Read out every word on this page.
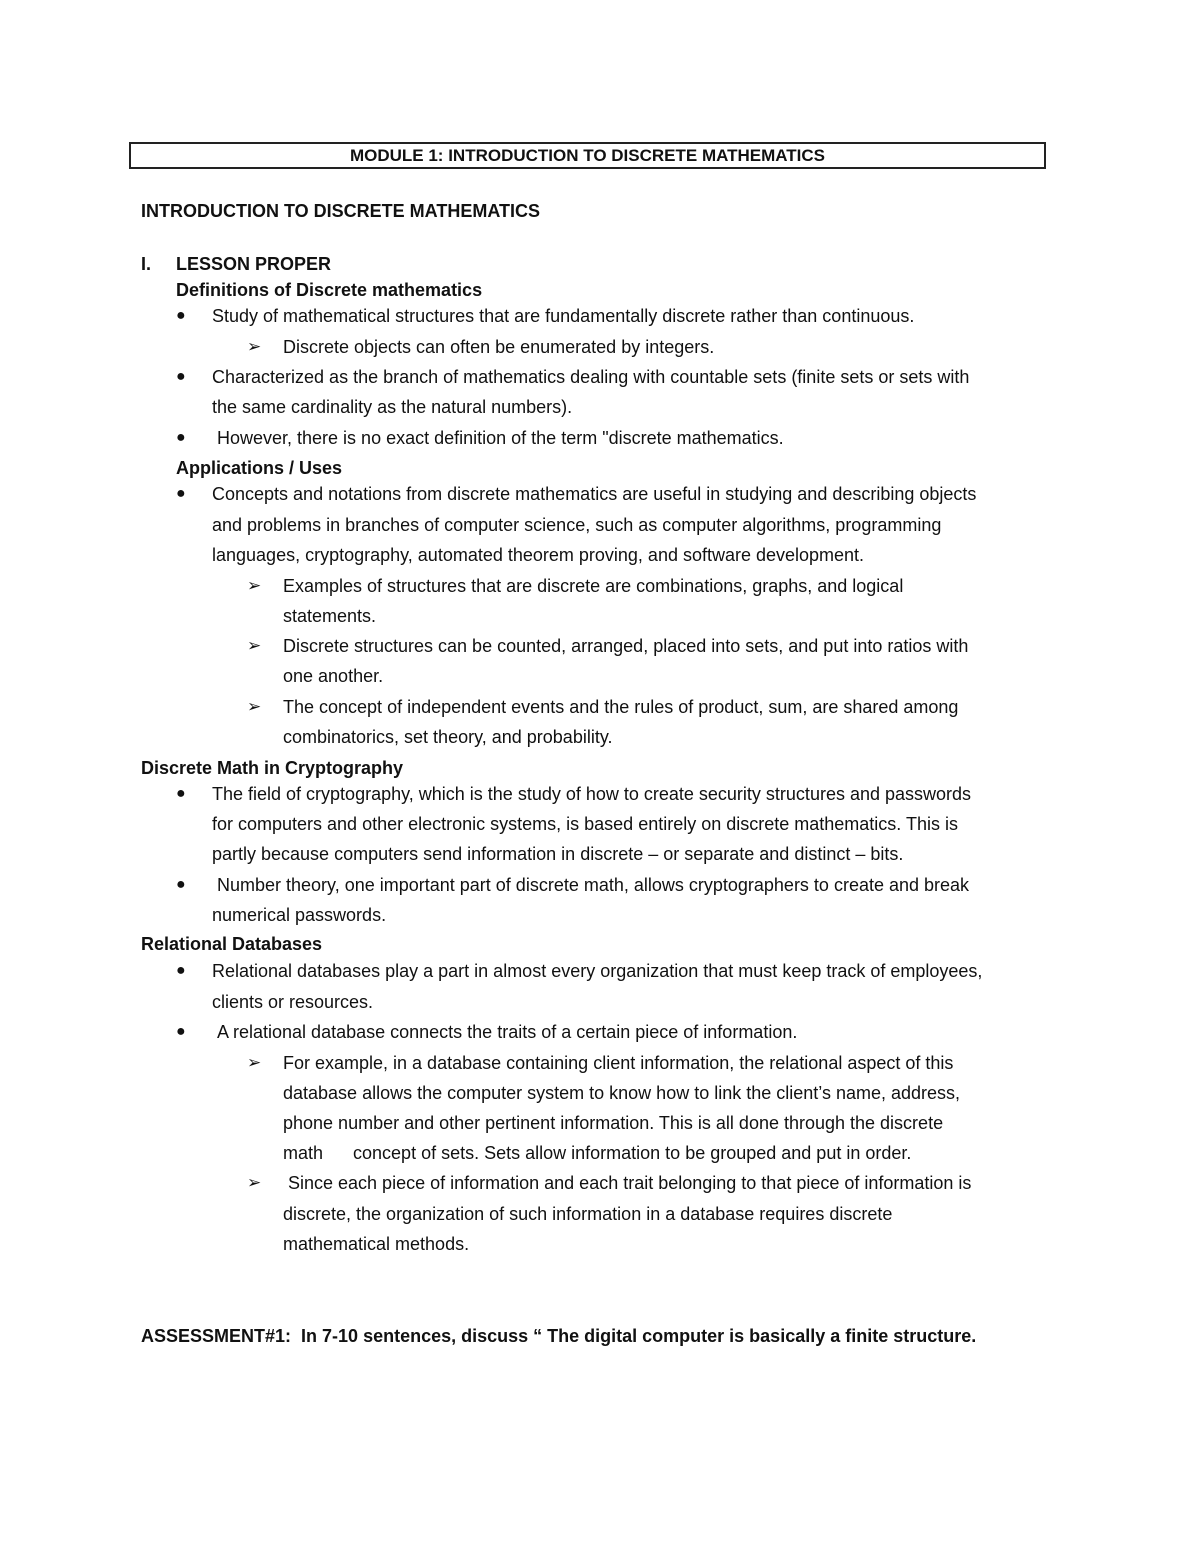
MODULE 1: INTRODUCTION TO DISCRETE MATHEMATICS
INTRODUCTION TO DISCRETE MATHEMATICS
I. LESSON PROPER
Definitions of Discrete mathematics
● Study of mathematical structures that are fundamentally discrete rather than continuous.
➢ Discrete objects can often be enumerated by integers.
● Characterized as the branch of mathematics dealing with countable sets (finite sets or sets with
the same cardinality as the natural numbers).
● However, there is no exact definition of the term "discrete mathematics.
Applications / Uses
● Concepts and notations from discrete mathematics are useful in studying and describing objects
and problems in branches of computer science, such as computer algorithms, programming
languages, cryptography, automated theorem proving, and software development.
➢ Examples of structures that are discrete are combinations, graphs, and logical
statements.
➢ Discrete structures can be counted, arranged, placed into sets, and put into ratios with
one another.
➢ The concept of independent events and the rules of product, sum, are shared among
combinatorics, set theory, and probability.
Discrete Math in Cryptography
● The field of cryptography, which is the study of how to create security structures and passwords
for computers and other electronic systems, is based entirely on discrete mathematics. This is
partly because computers send information in discrete – or separate and distinct – bits.
● Number theory, one important part of discrete math, allows cryptographers to create and break
numerical passwords.
Relational Databases
● Relational databases play a part in almost every organization that must keep track of employees,
clients or resources.
● A relational database connects the traits of a certain piece of information.
➢ For example, in a database containing client information, the relational aspect of this
database allows the computer system to know how to link the client’s name, address,
phone number and other pertinent information. This is all done through the discrete
math      concept of sets. Sets allow information to be grouped and put in order.
➢ Since each piece of information and each trait belonging to that piece of information is
discrete, the organization of such information in a database requires discrete
mathematical methods.
ASSESSMENT#1:  In 7-10 sentences, discuss “ The digital computer is basically a finite structure.
